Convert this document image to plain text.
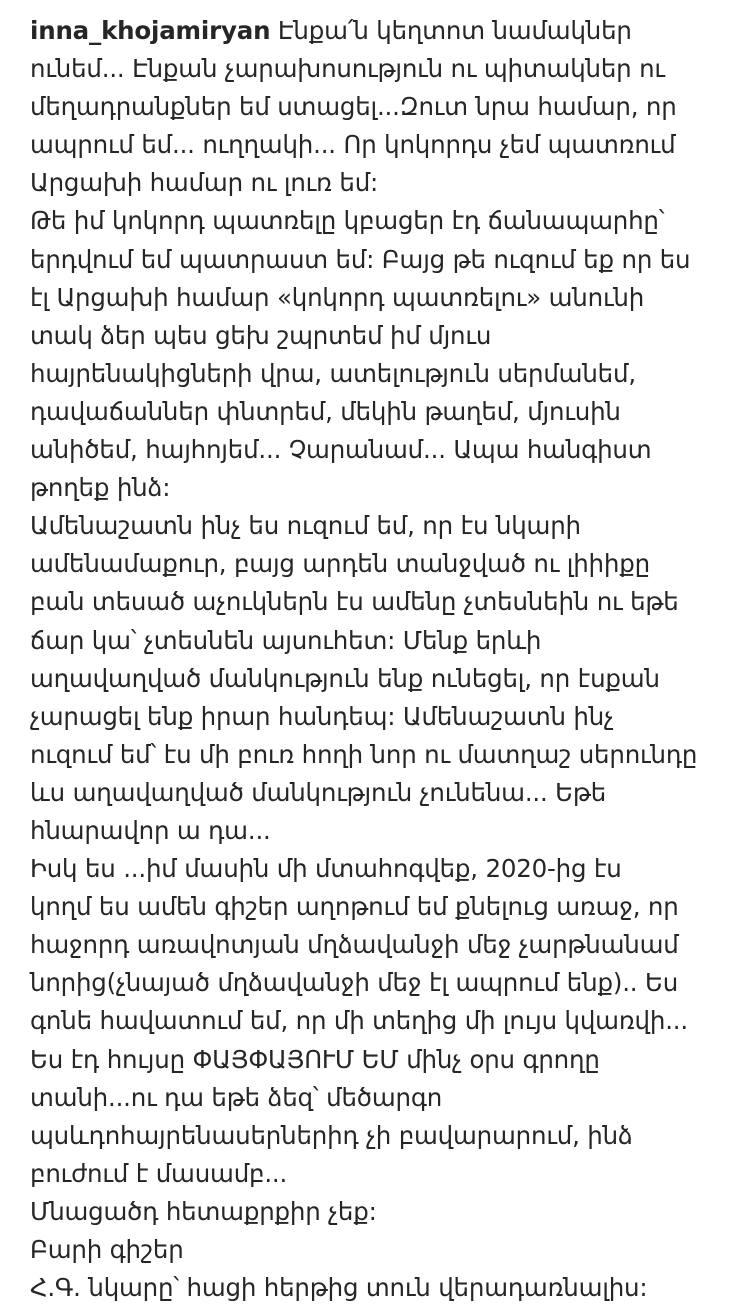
inna_khojamiryan Էնքա՛ն կեղտոտ նամակներ
ունեմ... Էնքան չարախոսություն ու պիտակներ ու
մեղադրանքներ եմ ստացել...Զուտ նրա համար, որ
ապրում եմ... ուղղակի... Որ կոկորդս չեմ պատռում
Արցախի համար ու լուռ եմ:
Թե իմ կոկորդ պատռելը կբացեր էդ ճանապարհը՝
երդվում եմ պատրաստ եմ: Բայց թե ուզում եք որ ես
էլ Արցախի համար «կոկորդ պատռելու» անունի
տակ ձեր պես ցեխ շպրտեմ իմ մյուս
հայրենակիցների վրա, ատելություն սերմանեմ,
դավաճաններ փնտրեմ, մեկին թաղեմ, մյուսին
անիծեմ, հայհոյեմ... Չարանամ... Ապա հանգիստ
թողեք ինձ:
Ամենաշատն ինչ ես ուզում եմ, որ էս նկարի
ամենամաքուր, բայց արդեն տանջված ու լիիիքը
բան տեսած աչուկներն էս ամենը չտեսնեին ու եթե
ճար կա՝ չտեսնեն այսուհետ: Մենք երևի
աղավաղված մանկություն ենք ունեցել, որ էսքան
չարացել ենք իրար հանդեպ: Ամենաշատն ինչ
ուզում եմ՝ էս մի բուռ հողի նոր ու մատղաշ սերունդը
ևս աղավաղված մանկություն չունենա... Եթե
հնարավոր ա դա...
Իսկ ես ...իմ մասին մի մտահոգվեք, 2020-ից էս
կողմ ես ամեն գիշեր աղոթում եմ քնելուց առաջ, որ
հաջորդ առավոտյան մղձավանջի մեջ չարթնանամ
նորից(չնայած մղձավանջի մեջ էլ ապրում ենք).. Ես
գոնե հավատում եմ, որ մի տեղից մի լույս կվառվի...
Ես էդ հույսը ՓԱՅՓԱՅՈՒՄ ԵՄ մինչ օրս գրողը
տանի...ու դա եթե ձեզ՝ մեծարգո
պսևդոհայրենասերներիդ չի բավարարում, ինձ
բուժում է մասամբ...
Մնացածդ հետաքրքիր չեք:
Բարի գիշեր
Հ.Գ. նկարը՝ հացի հերթից տուն վերադառնալիս:
